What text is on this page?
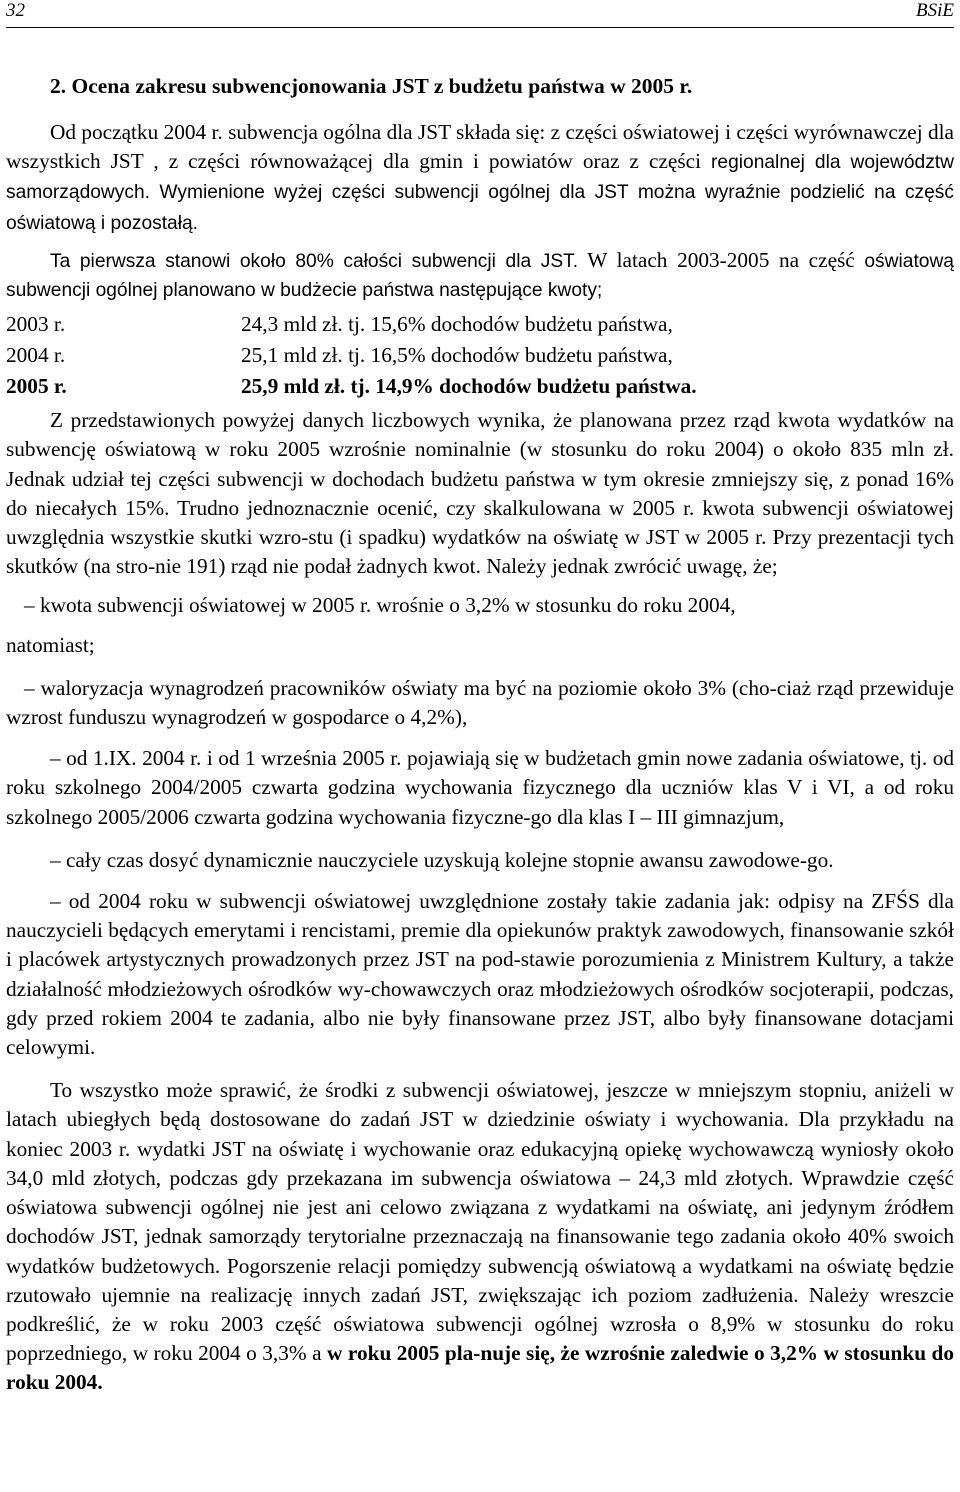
32	BSiE
2. Ocena zakresu subwencjonowania JST z budżetu państwa w 2005 r.

Od początku 2004 r. subwencja ogólna dla JST składa się: z części oświatowej i części wyrównawczej dla wszystkich JST , z części równoważącej dla gmin i powiatów oraz z części regionalnej dla województw samorządowych. Wymienione wyżej części subwencji ogólnej dla JST można wyraźnie podzielić na część oświatową i pozostałą.

Ta pierwsza stanowi około 80% całości subwencji dla JST. W latach 2003-2005 na część oświatową subwencji ogólnej planowano w budżecie państwa następujące kwoty;

2003 r.	24,3 mld zł. tj. 15,6% dochodów budżetu państwa,
2004 r.	25,1 mld zł. tj. 16,5% dochodów budżetu państwa,
2005 r.	25,9 mld zł. tj. 14,9% dochodów budżetu państwa.

Z przedstawionych powyżej danych liczbowych wynika, że planowana przez rząd kwota wydatków na subwencję oświatową w roku 2005 wzrośnie nominalnie (w stosunku do roku 2004) o około 835 mln zł. Jednak udział tej części subwencji w dochodach budżetu państwa w tym okresie zmniejszy się, z ponad 16% do niecałych 15%. Trudno jednoznacznie ocenić, czy skalkulowana w 2005 r. kwota subwencji oświatowej uwzględnia wszystkie skutki wzro-stu (i spadku) wydatków na oświatę w JST w 2005 r. Przy prezentacji tych skutków (na stro-nie 191) rząd nie podał żadnych kwot. Należy jednak zwrócić uwagę, że;

– kwota subwencji oświatowej w 2005 r. wrośnie o 3,2% w stosunku do roku 2004,

natomiast;

– waloryzacja wynagrodzeń pracowników oświaty ma być na poziomie około 3% (cho-ciaż rząd przewiduje wzrost funduszu wynagrodzeń w gospodarce o 4,2%),

– od 1.IX. 2004 r. i od 1 września 2005 r. pojawiają się w budżetach gmin nowe zadania oświatowe, tj. od roku szkolnego 2004/2005 czwarta godzina wychowania fizycznego dla uczniów klas V i VI, a od roku szkolnego 2005/2006 czwarta godzina wychowania fizyczne-go dla klas I – III gimnazjum,

– cały czas dosyć dynamicznie nauczyciele uzyskują kolejne stopnie awansu zawodowe-go.

– od 2004 roku w subwencji oświatowej uwzględnione zostały takie zadania jak: odpisy na ZFŚS dla nauczycieli będących emerytami i rencistami, premie dla opiekunów praktyk zawodowych, finansowanie szkół i placówek artystycznych prowadzonych przez JST na pod-stawie porozumienia z Ministrem Kultury, a także działalność młodzieżowych ośrodków wy-chowawczych oraz młodzieżowych ośrodków socjoterapii, podczas, gdy przed rokiem 2004 te zadania, albo nie były finansowane przez JST, albo były finansowane dotacjami celowymi.

To wszystko może sprawić, że środki z subwencji oświatowej, jeszcze w mniejszym stopniu, aniżeli w latach ubiegłych będą dostosowane do zadań JST w dziedzinie oświaty i wychowania. Dla przykładu na koniec 2003 r. wydatki JST na oświatę i wychowanie oraz edukacyjną opiekę wychowawczą wyniosły około 34,0 mld złotych, podczas gdy przekazana im subwencja oświatowa – 24,3 mld złotych. Wprawdzie część oświatowa subwencji ogólnej nie jest ani celowo związana z wydatkami na oświatę, ani jedynym źródłem dochodów JST, jednak samorządy terytorialne przeznaczają na finansowanie tego zadania około 40% swoich wydatków budżetowych. Pogorszenie relacji pomiędzy subwencją oświatową a wydatkami na oświatę będzie rzutowało ujemnie na realizację innych zadań JST, zwiększając ich poziom zadłużenia. Należy wreszcie podkreślić, że w roku 2003 część oświatowa subwencji ogólnej wzrosła o 8,9% w stosunku do roku poprzedniego, w roku 2004 o 3,3% a w roku 2005 pla-nuje się, że wzrośnie zaledwie o 3,2% w stosunku do roku 2004.
